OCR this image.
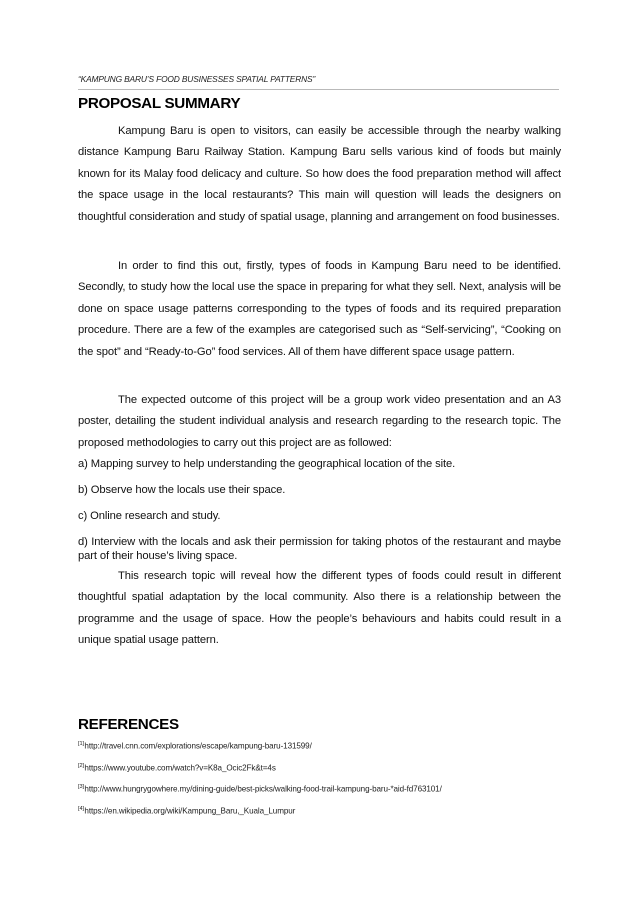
“KAMPUNG BARU’S FOOD BUSINESSES SPATIAL PATTERNS”
PROPOSAL SUMMARY

Kampung Baru is open to visitors, can easily be accessible through the nearby walking distance Kampung Baru Railway Station. Kampung Baru sells various kind of foods but mainly known for its Malay food delicacy and culture. So how does the food preparation method will affect the space usage in the local restaurants? This main will question will leads the designers on thoughtful consideration and study of spatial usage, planning and arrangement on food businesses.

In order to find this out, firstly, types of foods in Kampung Baru need to be identified. Secondly, to study how the local use the space in preparing for what they sell. Next, analysis will be done on space usage patterns corresponding to the types of foods and its required preparation procedure. There are a few of the examples are categorised such as “Self-servicing”, “Cooking on the spot” and “Ready-to-Go” food services. All of them have different space usage pattern.

The expected outcome of this project will be a group work video presentation and an A3 poster, detailing the student individual analysis and research regarding to the research topic. The proposed methodologies to carry out this project are as followed:

a) Mapping survey to help understanding the geographical location of the site.

b) Observe how the locals use their space.

c) Online research and study.

d) Interview with the locals and ask their permission for taking photos of the restaurant and maybe part of their house’s living space.

This research topic will reveal how the different types of foods could result in different thoughtful spatial adaptation by the local community. Also there is a relationship between the programme and the usage of space. How the people’s behaviours and habits could result in a unique spatial usage pattern.

REFERENCES
[1]http://travel.cnn.com/explorations/escape/kampung-baru-131599/
[2]https://www.youtube.com/watch?v=K8a_Ocic2Fk&t=4s
[3]http://www.hungrygowhere.my/dining-guide/best-picks/walking-food-trail-kampung-baru-*aid-fd763101/
[4]https://en.wikipedia.org/wiki/Kampung_Baru,_Kuala_Lumpur
